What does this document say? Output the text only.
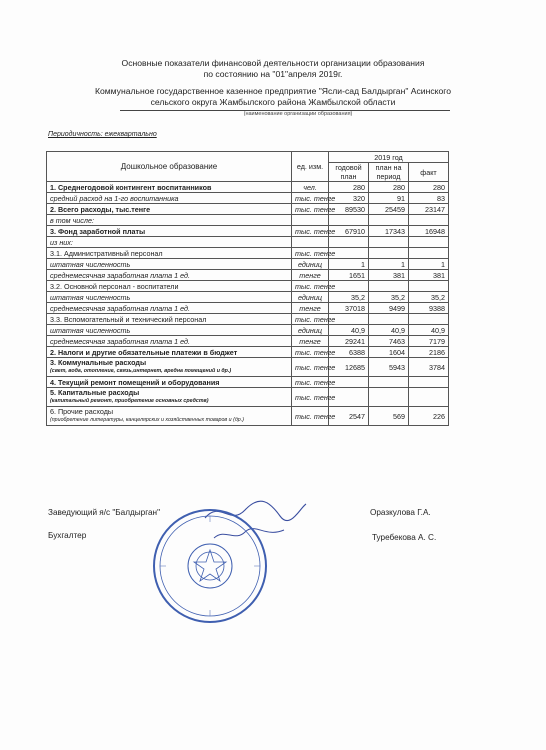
Основные показатели финансовой деятельности организации образования
по состоянию на "01"апреля 2019г.
Коммунальное государственное казенное предприятие "Ясли-сад Балдырган" Асинского
сельского округа Жамбылского района Жамбылской области
(наименование организации образования)
Периодичность: ежеквартально
Дошкольное образование	ед. изм.	2019 год		
		годовой план	план на период	факт

1. Среднегодовой контингент воспитанников	чел.	280	280	280
средний расход на 1-го воспитанника	тыс. тенге	320	91	83
2. Всего расходы, тыс.тенге	тыс. тенге	89530	25459	23147
в том числе:				
3. Фонд заработной платы	тыс. тенге	67910	17343	16948
из них:				
3.1. Административный персонал	тыс. тенге			
штатная численность	единиц	1	1	1
среднемесячная заработная плата 1 ед.	тенге	1651	381	381
3.2. Основной персонал - воспитатели	тыс. тенге			
штатная численность	единиц	35,2	35,2	35,2
среднемесячная заработная плата 1 ед.	тенге	37018	9499	9388
3.3. Вспомогательный и технический персонал	тыс. тенге			
штатная численность	единиц	40,9	40,9	40,9
среднемесячная заработная плата 1 ед.	тенге	29241	7463	7179
2. Налоги и другие обязательные платежи в бюджет	тыс. тенге	6388	1604	2186
3. Коммунальные расходы
(свет, вода, отопление, связь,интернет, вредна помещений и др.)	тыс. тенге	12685	5943	3784
4. Текущий ремонт помещений и оборудования	тыс. тенге			
5. Капитальные расходы
(капитальный ремонт, приобретение основных средств)	тыс. тенге			
6. Прочие расходы
(приобретение литературы, канцелярских и хозяйственных товаров и (др.)	тыс. тенге	2547	569	226
Заведующий я/с "Балдырган"	Оразкулова Г.А.
Бухгалтер	Туребекова А. С.
